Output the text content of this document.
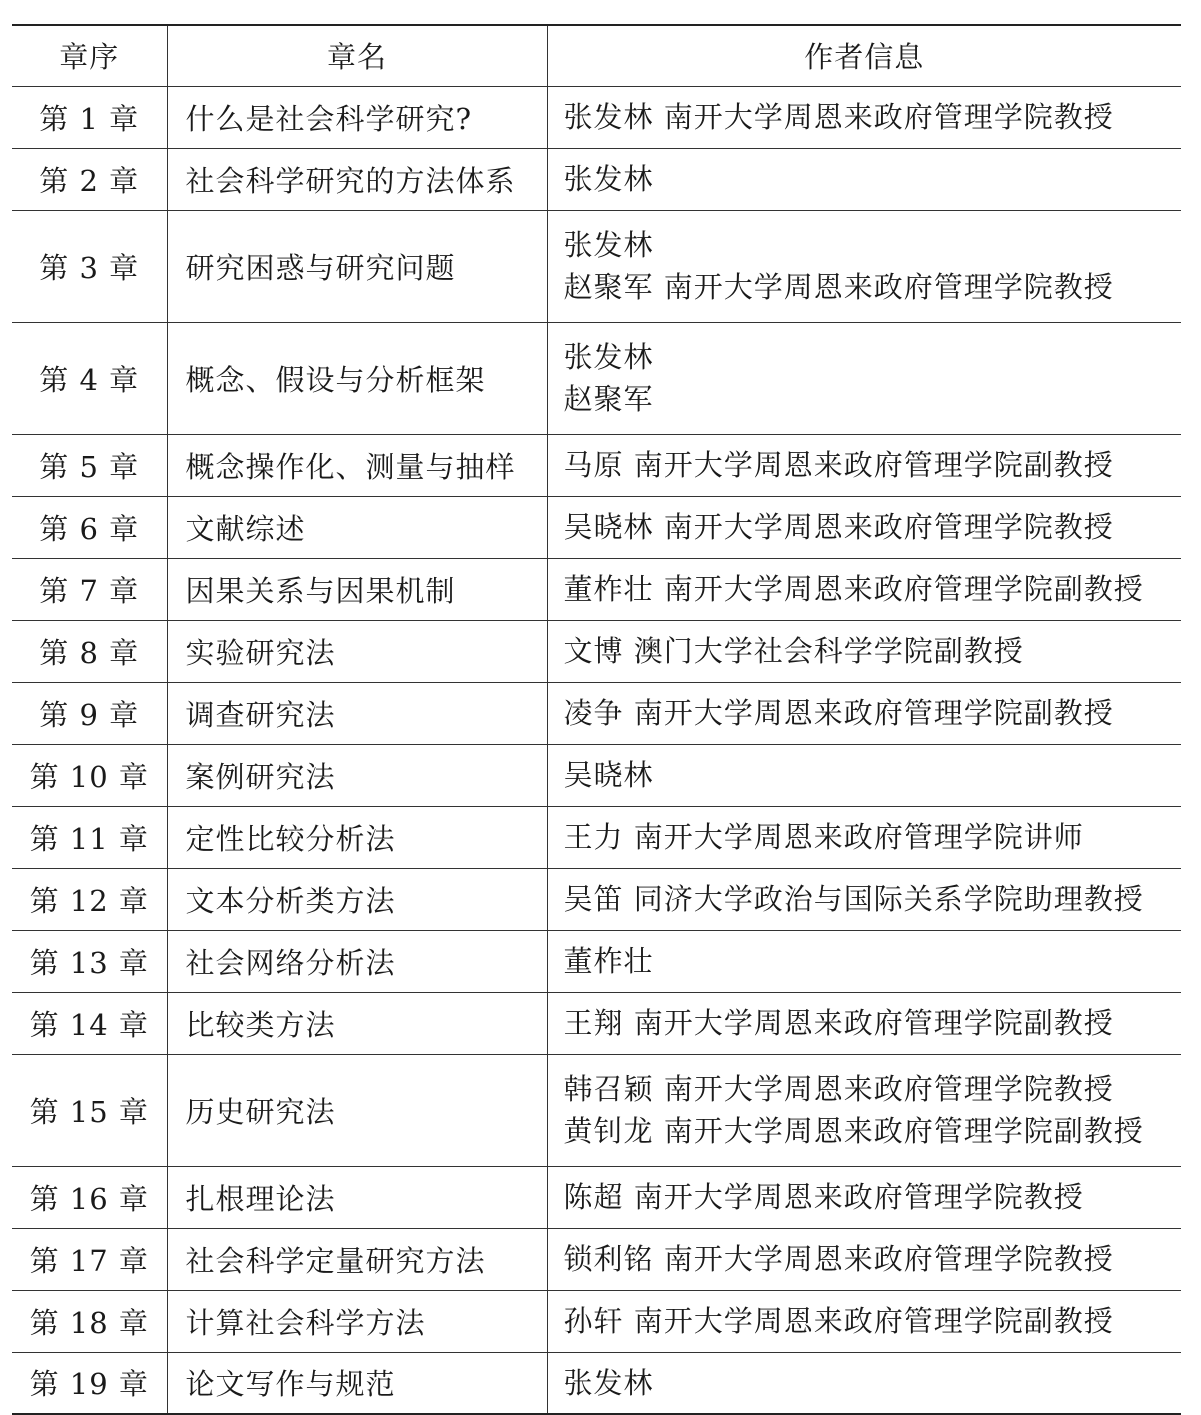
章序	章名	作者信息
第 1 章	什么是社会科学研究?	张发林 南开大学周恩来政府管理学院教授

第 2 章	社会科学研究的方法体系	张发林

第 3 章	研究困惑与研究问题	张发林
赵聚军 南开大学周恩来政府管理学院教授

第 4 章	概念、假设与分析框架	张发林
赵聚军

第 5 章	概念操作化、测量与抽样	马原 南开大学周恩来政府管理学院副教授

第 6 章	文献综述	吴晓林 南开大学周恩来政府管理学院教授

第 7 章	因果关系与因果机制	董柞壮 南开大学周恩来政府管理学院副教授

第 8 章	实验研究法	文博 澳门大学社会科学学院副教授

第 9 章	调查研究法	凌争 南开大学周恩来政府管理学院副教授

第 10 章	案例研究法	吴晓林

第 11 章	定性比较分析法	王力 南开大学周恩来政府管理学院讲师

第 12 章	文本分析类方法	吴笛 同济大学政治与国际关系学院助理教授

第 13 章	社会网络分析法	董柞壮

第 14 章	比较类方法	王翔 南开大学周恩来政府管理学院副教授

第 15 章	历史研究法	韩召颖 南开大学周恩来政府管理学院教授
黄钊龙 南开大学周恩来政府管理学院副教授

第 16 章	扎根理论法	陈超 南开大学周恩来政府管理学院教授

第 17 章	社会科学定量研究方法	锁利铭 南开大学周恩来政府管理学院教授

第 18 章	计算社会科学方法	孙轩 南开大学周恩来政府管理学院副教授

第 19 章	论文写作与规范	张发林
